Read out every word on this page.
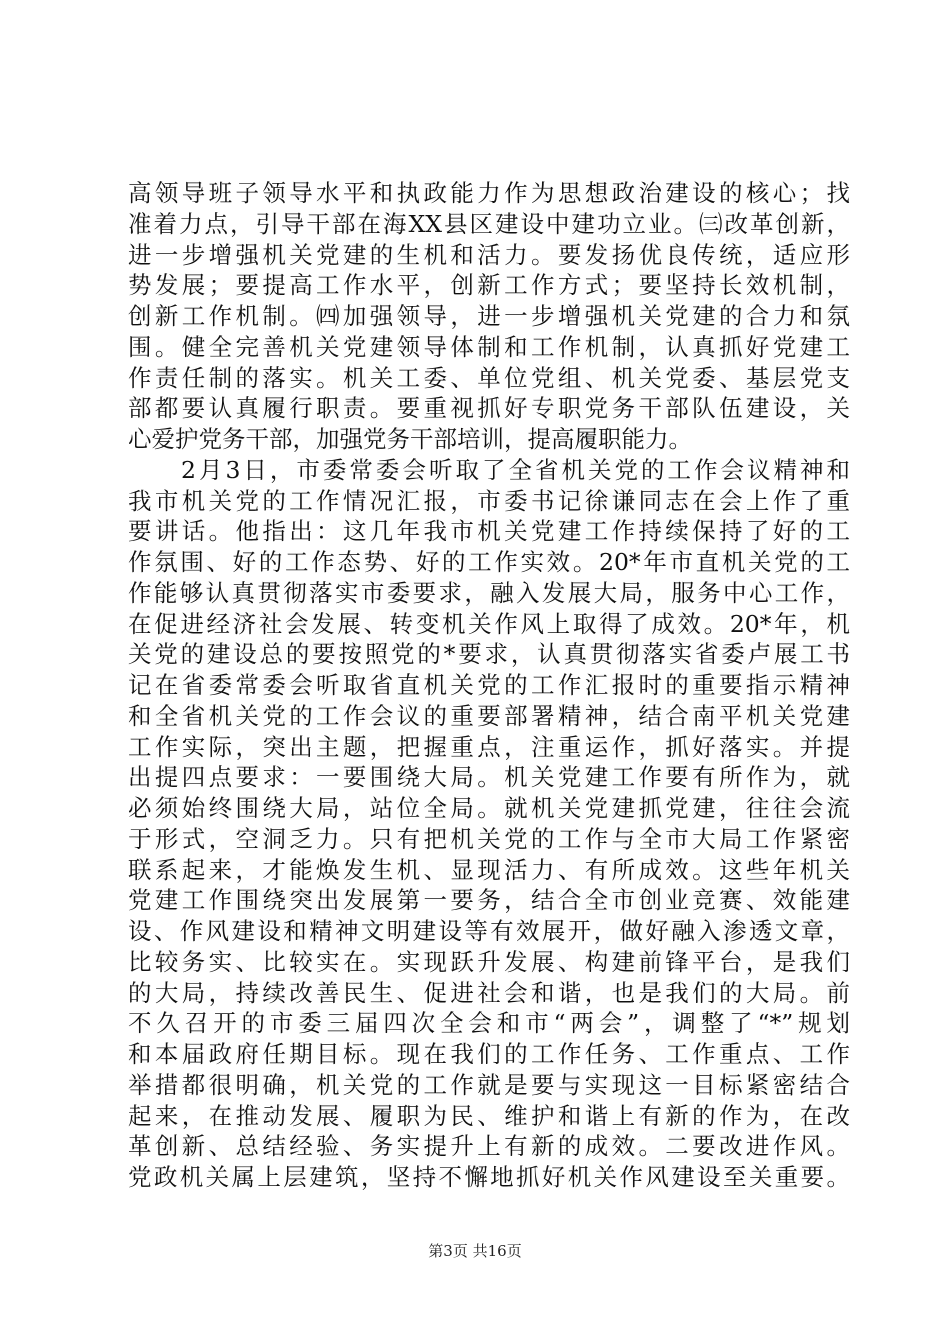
高领导班子领导水平和执政能力作为思想政治建设的核心；找
准着力点，引导干部在海XX县区建设中建功立业。㈢改革创新，
进一步增强机关党建的生机和活力。要发扬优良传统，适应形
势发展；要提高工作水平，创新工作方式；要坚持长效机制，
创新工作机制。㈣加强领导，进一步增强机关党建的合力和氛
围。健全完善机关党建领导体制和工作机制，认真抓好党建工
作责任制的落实。机关工委、单位党组、机关党委、基层党支
部都要认真履行职责。要重视抓好专职党务干部队伍建设，关
心爱护党务干部，加强党务干部培训，提高履职能力。
　　2月3日，市委常委会听取了全省机关党的工作会议精神和
我市机关党的工作情况汇报，市委书记徐谦同志在会上作了重
要讲话。他指出：这几年我市机关党建工作持续保持了好的工
作氛围、好的工作态势、好的工作实效。20*年市直机关党的工
作能够认真贯彻落实市委要求，融入发展大局，服务中心工作，
在促进经济社会发展、转变机关作风上取得了成效。20*年，机
关党的建设总的要按照党的*要求，认真贯彻落实省委卢展工书
记在省委常委会听取省直机关党的工作汇报时的重要指示精神
和全省机关党的工作会议的重要部署精神，结合南平机关党建
工作实际，突出主题，把握重点，注重运作，抓好落实。并提
出提四点要求：一要围绕大局。机关党建工作要有所作为，就
必须始终围绕大局，站位全局。就机关党建抓党建，往往会流
于形式，空洞乏力。只有把机关党的工作与全市大局工作紧密
联系起来，才能焕发生机、显现活力、有所成效。这些年机关
党建工作围绕突出发展第一要务，结合全市创业竞赛、效能建
设、作风建设和精神文明建设等有效展开，做好融入渗透文章，
比较务实、比较实在。实现跃升发展、构建前锋平台，是我们
的大局，持续改善民生、促进社会和谐，也是我们的大局。前
不久召开的市委三届四次全会和市“两会”，调整了“*”规划
和本届政府任期目标。现在我们的工作任务、工作重点、工作
举措都很明确，机关党的工作就是要与实现这一目标紧密结合
起来，在推动发展、履职为民、维护和谐上有新的作为，在改
革创新、总结经验、务实提升上有新的成效。二要改进作风。
党政机关属上层建筑，坚持不懈地抓好机关作风建设至关重要。
第3页 共16页
